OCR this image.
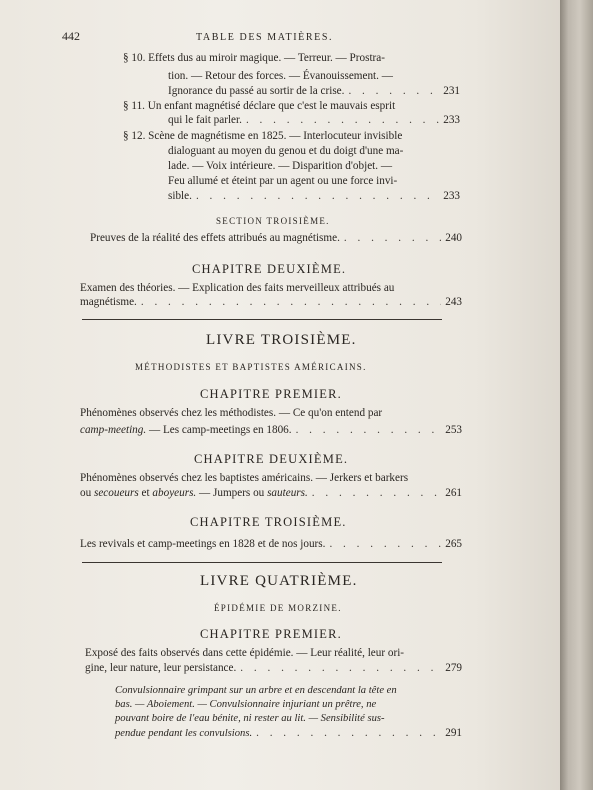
442	TABLE DES MATIÈRES.
§ 10. Effets dus au miroir magique. — Terreur. — Prostra-
tion. — Retour des forces. — Évanouissement. —
Ignorance du passé au sortir de la crise. . . .	231
§ 11. Un enfant magnétisé déclare que c'est le mauvais esprit
qui le fait parler. . . .	233
§ 12. Scène de magnétisme en 1825. — Interlocuteur invisible
dialoguant au moyen du genou et du doigt d'une ma-
lade. — Voix intérieure. — Disparition d'objet. —
Feu allumé et éteint par un agent ou une force invi-
sible. . . .	233
SECTION TROISIÈME.
Preuves de la réalité des effets attribués au magnétisme. . . .	240
CHAPITRE DEUXIÈME.
Examen des théories. — Explication des faits merveilleux attribués au
magnétisme. . . .	243
LIVRE TROISIÈME.
MÉTHODISTES ET BAPTISTES AMÉRICAINS.
CHAPITRE PREMIER.
Phénomènes observés chez les méthodistes. — Ce qu'on entend par
camp-meeting. — Les camp-meetings en 1806. . . .	253
CHAPITRE DEUXIÈME.
Phénomènes observés chez les baptistes américains. — Jerkers et barkers
ou secoueurs et aboyeurs. — Jumpers ou sauteurs. . . .	261
CHAPITRE TROISIÈME.
Les revivals et camp-meetings en 1828 et de nos jours. . . .	265
LIVRE QUATRIÈME.
ÉPIDÉMIE DE MORZINE.
CHAPITRE PREMIER.
Exposé des faits observés dans cette épidémie. — Leur réalité, leur ori-
gine, leur nature, leur persistance. . . .	279
Convulsionnaire grimpant sur un arbre et en descendant la tête en
bas. — Aboiement. — Convulsionnaire injuriant un prêtre, ne
pouvant boire de l'eau bénite, ni rester au lit. — Sensibilité sus-
pendue pendant les convulsions. . . .	291
